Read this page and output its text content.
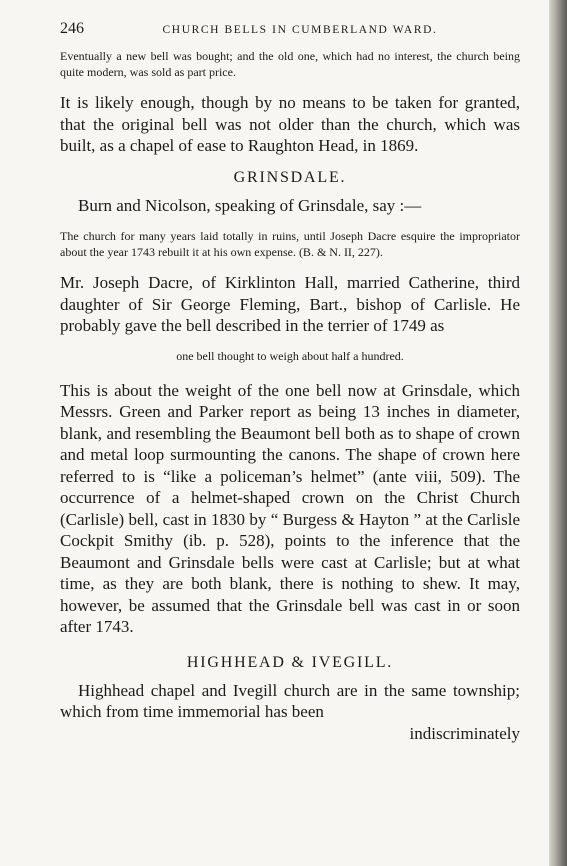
246	CHURCH BELLS IN CUMBERLAND WARD.

Eventually a new bell was bought; and the old one, which had no interest, the church being quite modern, was sold as part price.

It is likely enough, though by no means to be taken for granted, that the original bell was not older than the church, which was built, as a chapel of ease to Raughton Head, in 1869.

GRINSDALE.

Burn and Nicolson, speaking of Grinsdale, say :—

The church for many years laid totally in ruins, until Joseph Dacre esquire the impropriator about the year 1743 rebuilt it at his own expense. (B. & N. II, 227).

Mr. Joseph Dacre, of Kirklinton Hall, married Catherine, third daughter of Sir George Fleming, Bart., bishop of Carlisle. He probably gave the bell described in the terrier of 1749 as

one bell thought to weigh about half a hundred.

This is about the weight of the one bell now at Grinsdale, which Messrs. Green and Parker report as being 13 inches in diameter, blank, and resembling the Beaumont bell both as to shape of crown and metal loop surmounting the canons. The shape of crown here referred to is “like a policeman’s helmet” (ante viii, 509). The occurrence of a helmet-shaped crown on the Christ Church (Carlisle) bell, cast in 1830 by “ Burgess & Hayton ” at the Carlisle Cockpit Smithy (ib. p. 528), points to the inference that the Beaumont and Grinsdale bells were cast at Carlisle; but at what time, as they are both blank, there is nothing to shew. It may, however, be assumed that the Grinsdale bell was cast in or soon after 1743.

HIGHHEAD & IVEGILL.

Highhead chapel and Ivegill church are in the same township; which from time immemorial has been

indiscriminately
